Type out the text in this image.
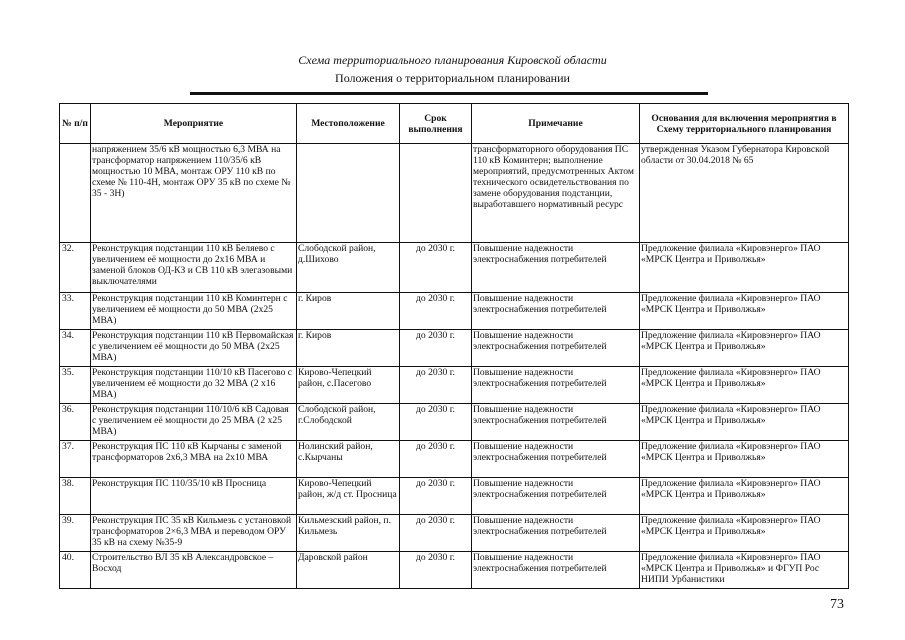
Схема территориального планирования Кировской области
Положения о территориальном планировании
№ п/п	Мероприятие	Местоположение	Срок выполнения	Примечание	Основания для включения мероприятия в Схему территориального планирования
	напряжением 35/6 кВ мощностью 6,3 МВА на трансформатор напряжением 110/35/6 кВ мощностью 10 МВА, монтаж ОРУ 110 кВ по схеме № 110-4Н, монтаж ОРУ 35 кВ по схеме № 35 - 3Н)			трансформаторного оборудования ПС 110 кВ Коминтерн; выполнение мероприятий, предусмотренных Актом технического освидетельствования по замене оборудования подстанции, выработавшего нормативный ресурс	утвержденная Указом Губернатора Кировской области от 30.04.2018 № 65
32.	Реконструкция подстанции 110 кВ Беляево с увеличением её мощности до 2х16 МВА и заменой блоков ОД-КЗ и СВ 110 кВ элегазовыми выключателями	Слободской район, д.Шихово	до 2030 г.	Повышение надежности электроснабжения потребителей	Предложение филиала «Кировэнерго» ПАО «МРСК Центра и Приволжья»
33.	Реконструкция подстанции 110 кВ Коминтерн с увеличением её мощности до 50 МВА (2х25 МВА)	г. Киров	до 2030 г.	Повышение надежности электроснабжения потребителей	Предложение филиала «Кировэнерго» ПАО «МРСК Центра и Приволжья»
34.	Реконструкция подстанции 110 кВ Первомайская с увеличением её мощности до 50 МВА (2х25 МВА)	г. Киров	до 2030 г.	Повышение надежности электроснабжения потребителей	Предложение филиала «Кировэнерго» ПАО «МРСК Центра и Приволжья»
35.	Реконструкция подстанции 110/10 кВ Пасегово с увеличением её мощности до 32 МВА (2 х16 МВА)	Кирово-Чепецкий район, с.Пасегово	до 2030 г.	Повышение надежности электроснабжения потребителей	Предложение филиала «Кировэнерго» ПАО «МРСК Центра и Приволжья»
36.	Реконструкция подстанции 110/10/6 кВ Садовая с увеличением её мощности до 25 МВА (2 х25 МВА)	Слободской район, г.Слободской	до 2030 г.	Повышение надежности электроснабжения потребителей	Предложение филиала «Кировэнерго» ПАО «МРСК Центра и Приволжья»
37.	Реконструкция ПС 110 кВ Кырчаны с заменой трансформаторов 2х6,3 МВА на 2х10 МВА	Нолинский район, с.Кырчаны	до 2030 г.	Повышение надежности электроснабжения потребителей	Предложение филиала «Кировэнерго» ПАО «МРСК Центра и Приволжья»
38.	Реконструкция ПС 110/35/10 кВ Просница	Кирово-Чепецкий район, ж/д ст. Просница	до 2030 г.	Повышение надежности электроснабжения потребителей	Предложение филиала «Кировэнерго» ПАО «МРСК Центра и Приволжья»
39.	Реконструкция ПС 35 кВ Кильмезь с установкой трансформаторов 2×6,3 МВА и переводом ОРУ 35 кВ на схему №35-9	Кильмезский район, п. Кильмезь	до 2030 г.	Повышение надежности электроснабжения потребителей	Предложение филиала «Кировэнерго» ПАО «МРСК Центра и Приволжья»
40.	Строительство ВЛ 35 кВ Александровское – Восход	Даровской район	до 2030 г.	Повышение надежности электроснабжения потребителей	Предложение филиала «Кировэнерго» ПАО «МРСК Центра и Приволжья» и ФГУП Рос НИПИ Урбанистики
73
